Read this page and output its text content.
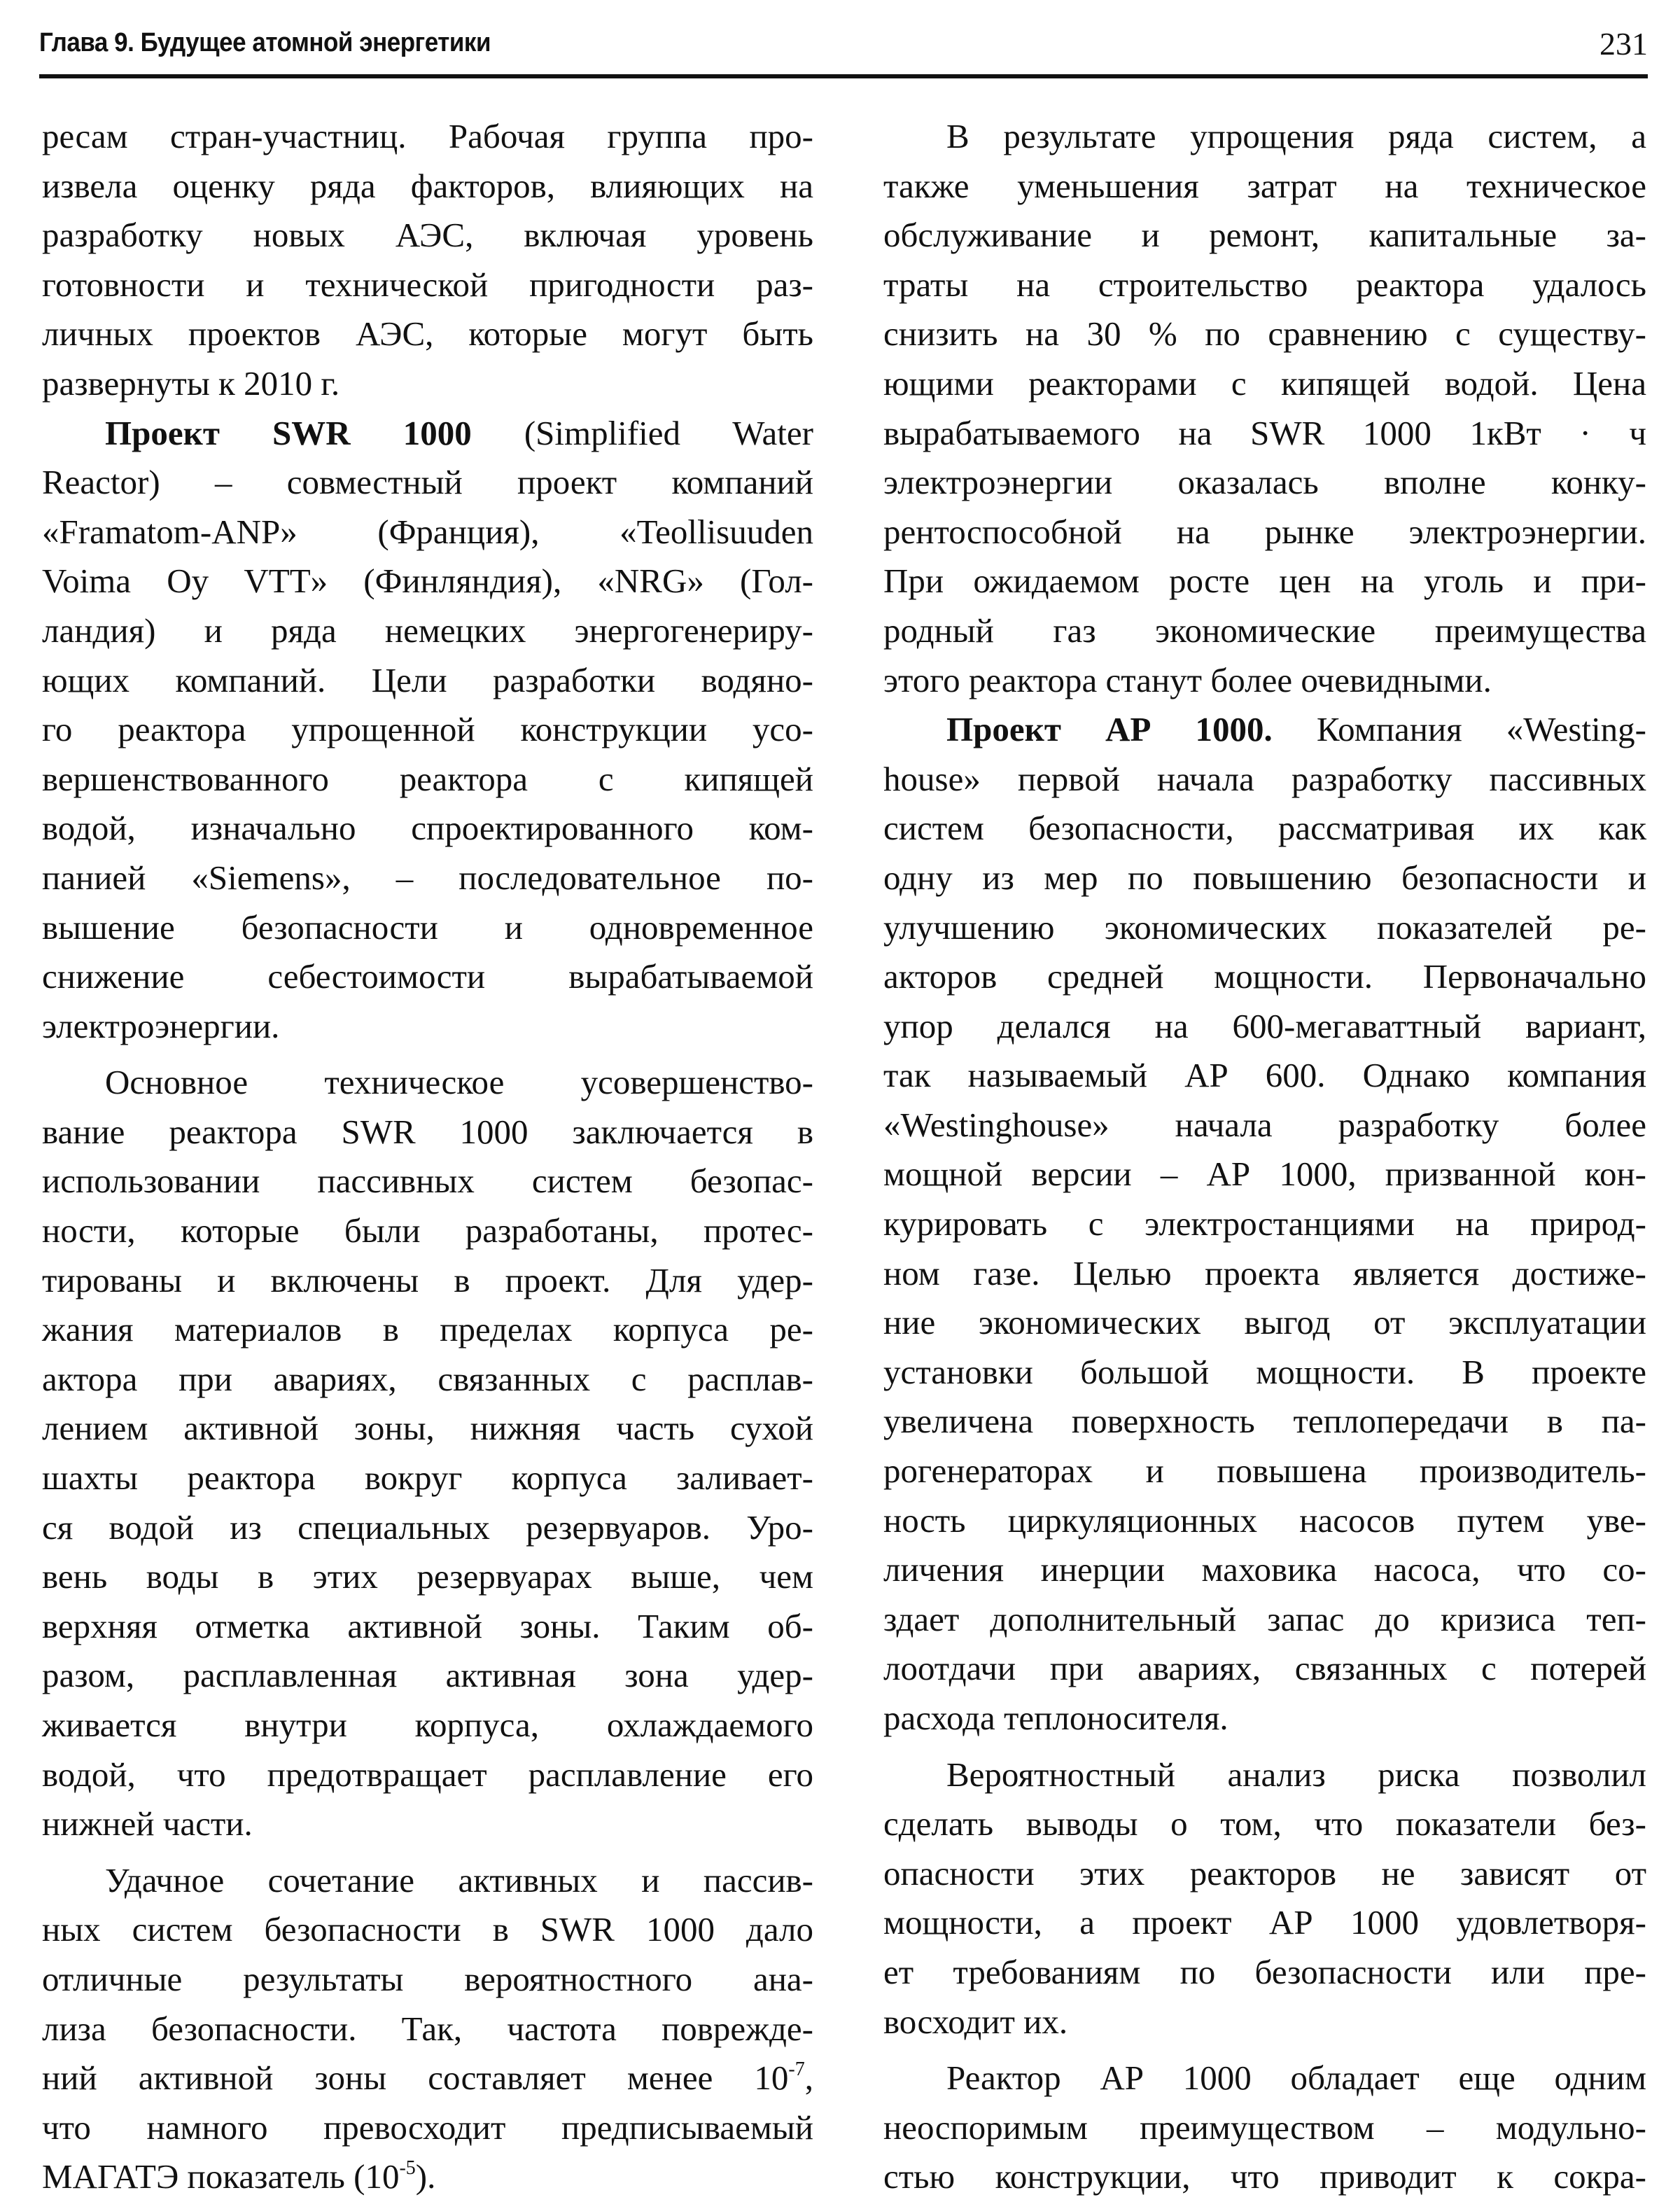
Глава 9. Будущее атомной энергетики	231
ресам стран-участниц. Рабочая группа про-
извела оценку ряда факторов, влияющих на
разработку новых АЭС, включая уровень
готовности и технической пригодности раз-
личных проектов АЭС, которые могут быть
развернуты к 2010 г.
Проект SWR 1000 (Simplified Water
Reactor) – совместный проект компаний
«Framatom-ANP» (Франция), «Teollisuuden
Voima Oy VTT» (Финляндия), «NRG» (Гол-
ландия) и ряда немецких энергогенериру-
ющих компаний. Цели разработки водяно-
го реактора упрощенной конструкции усо-
вершенствованного реактора с кипящей
водой, изначально спроектированного ком-
панией «Siemens», – последовательное по-
вышение безопасности и одновременное
снижение себестоимости вырабатываемой
электроэнергии.
Основное техническое усовершенство-
вание реактора SWR 1000 заключается в
использовании пассивных систем безопас-
ности, которые были разработаны, протес-
тированы и включены в проект. Для удер-
жания материалов в пределах корпуса ре-
актора при авариях, связанных с расплав-
лением активной зоны, нижняя часть сухой
шахты реактора вокруг корпуса заливает-
ся водой из специальных резервуаров. Уро-
вень воды в этих резервуарах выше, чем
верхняя отметка активной зоны. Таким об-
разом, расплавленная активная зона удер-
живается внутри корпуса, охлаждаемого
водой, что предотвращает расплавление его
нижней части.
Удачное сочетание активных и пассив-
ных систем безопасности в SWR 1000 дало
отличные результаты вероятностного ана-
лиза безопасности. Так, частота поврежде-
ний активной зоны составляет менее $10^{-7}$,
что намного превосходит предписываемый
МАГАТЭ показатель $(10^{-5})$.
В результате упрощения ряда систем, а
также уменьшения затрат на техническое
обслуживание и ремонт, капитальные за-
траты на строительство реактора удалось
снизить на 30 % по сравнению с существу-
ющими реакторами с кипящей водой. Цена
вырабатываемого на SWR 1000 1кВт · ч
электроэнергии оказалась вполне конку-
рентоспособной на рынке электроэнергии.
При ожидаемом росте цен на уголь и при-
родный газ экономические преимущества
этого реактора станут более очевидными.
Проект АР 1000. Компания «Westing-
house» первой начала разработку пассивных
систем безопасности, рассматривая их как
одну из мер по повышению безопасности и
улучшению экономических показателей ре-
акторов средней мощности. Первоначально
упор делался на 600-мегаваттный вариант,
так называемый АР 600. Однако компания
«Westinghouse» начала разработку более
мощной версии – АР 1000, призванной кон-
курировать с электростанциями на природ-
ном газе. Целью проекта является достиже-
ние экономических выгод от эксплуатации
установки большой мощности. В проекте
увеличена поверхность теплопередачи в па-
рогенераторах и повышена производитель-
ность циркуляционных насосов путем уве-
личения инерции маховика насоса, что со-
здает дополнительный запас до кризиса теп-
лоотдачи при авариях, связанных с потерей
расхода теплоносителя.
Вероятностный анализ риска позволил
сделать выводы о том, что показатели без-
опасности этих реакторов не зависят от
мощности, а проект АР 1000 удовлетворя-
ет требованиям по безопасности или пре-
восходит их.
Реактор АР 1000 обладает еще одним
неоспоримым преимуществом – модульно-
стью конструкции, что приводит к сокра-
